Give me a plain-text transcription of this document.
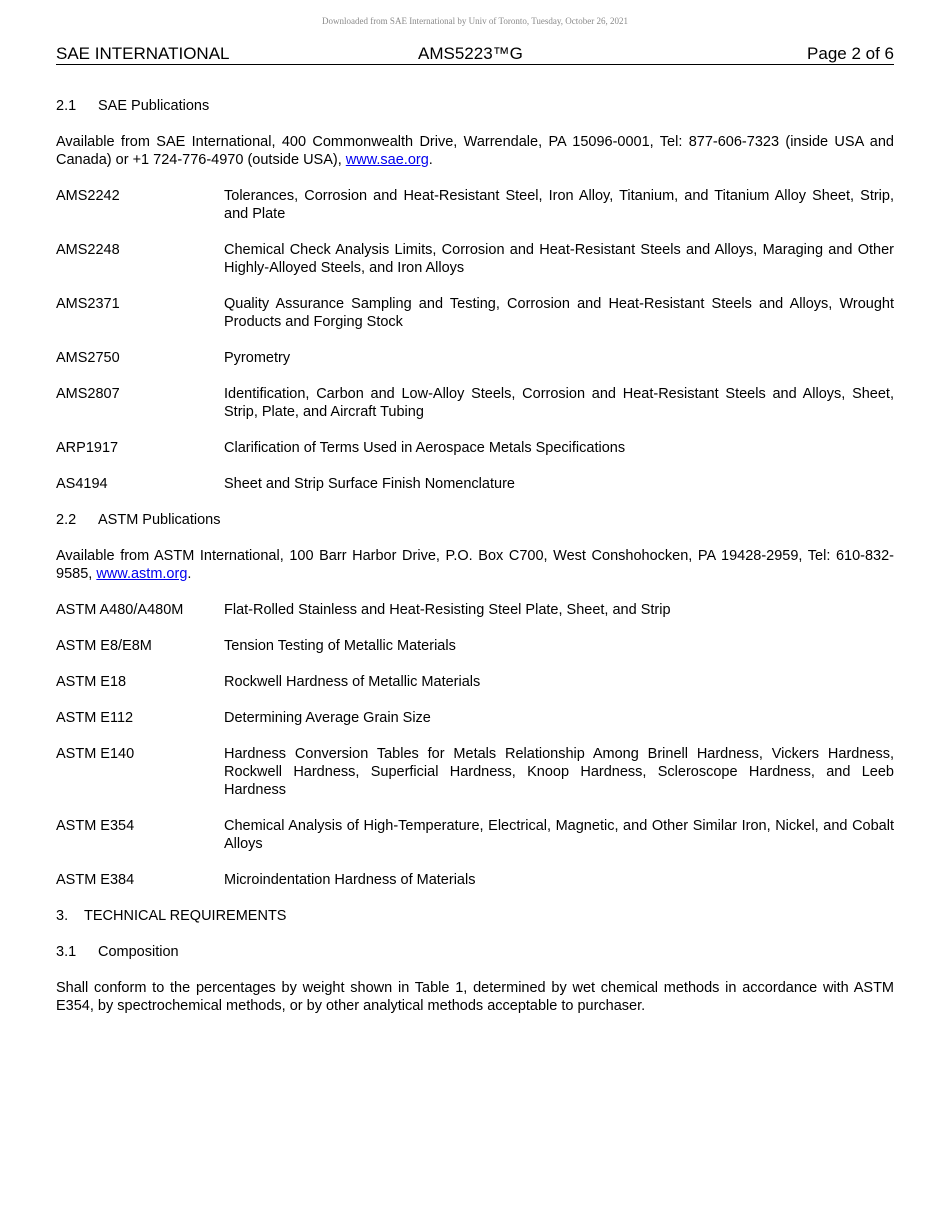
Downloaded from SAE International by Univ of Toronto, Tuesday, October 26, 2021
SAE INTERNATIONAL	AMS5223™G	Page 2 of 6
2.1 SAE Publications

Available from SAE International, 400 Commonwealth Drive, Warrendale, PA 15096-0001, Tel: 877-606-7323 (inside USA and Canada) or +1 724-776-4970 (outside USA), www.sae.org.

AMS2242	Tolerances, Corrosion and Heat-Resistant Steel, Iron Alloy, Titanium, and Titanium Alloy Sheet, Strip, and Plate
AMS2248	Chemical Check Analysis Limits, Corrosion and Heat-Resistant Steels and Alloys, Maraging and Other Highly-Alloyed Steels, and Iron Alloys
AMS2371	Quality Assurance Sampling and Testing, Corrosion and Heat-Resistant Steels and Alloys, Wrought Products and Forging Stock
AMS2750	Pyrometry
AMS2807	Identification, Carbon and Low-Alloy Steels, Corrosion and Heat-Resistant Steels and Alloys, Sheet, Strip, Plate, and Aircraft Tubing
ARP1917	Clarification of Terms Used in Aerospace Metals Specifications
AS4194	Sheet and Strip Surface Finish Nomenclature
2.2 ASTM Publications

Available from ASTM International, 100 Barr Harbor Drive, P.O. Box C700, West Conshohocken, PA 19428-2959, Tel: 610-832-9585, www.astm.org.

ASTM A480/A480M	Flat-Rolled Stainless and Heat-Resisting Steel Plate, Sheet, and Strip
ASTM E8/E8M	Tension Testing of Metallic Materials
ASTM E18	Rockwell Hardness of Metallic Materials
ASTM E112	Determining Average Grain Size
ASTM E140	Hardness Conversion Tables for Metals Relationship Among Brinell Hardness, Vickers Hardness, Rockwell Hardness, Superficial Hardness, Knoop Hardness, Scleroscope Hardness, and Leeb Hardness
ASTM E354	Chemical Analysis of High-Temperature, Electrical, Magnetic, and Other Similar Iron, Nickel, and Cobalt Alloys
ASTM E384	Microindentation Hardness of Materials
3. TECHNICAL REQUIREMENTS
3.1 Composition

Shall conform to the percentages by weight shown in Table 1, determined by wet chemical methods in accordance with ASTM E354, by spectrochemical methods, or by other analytical methods acceptable to purchaser.
